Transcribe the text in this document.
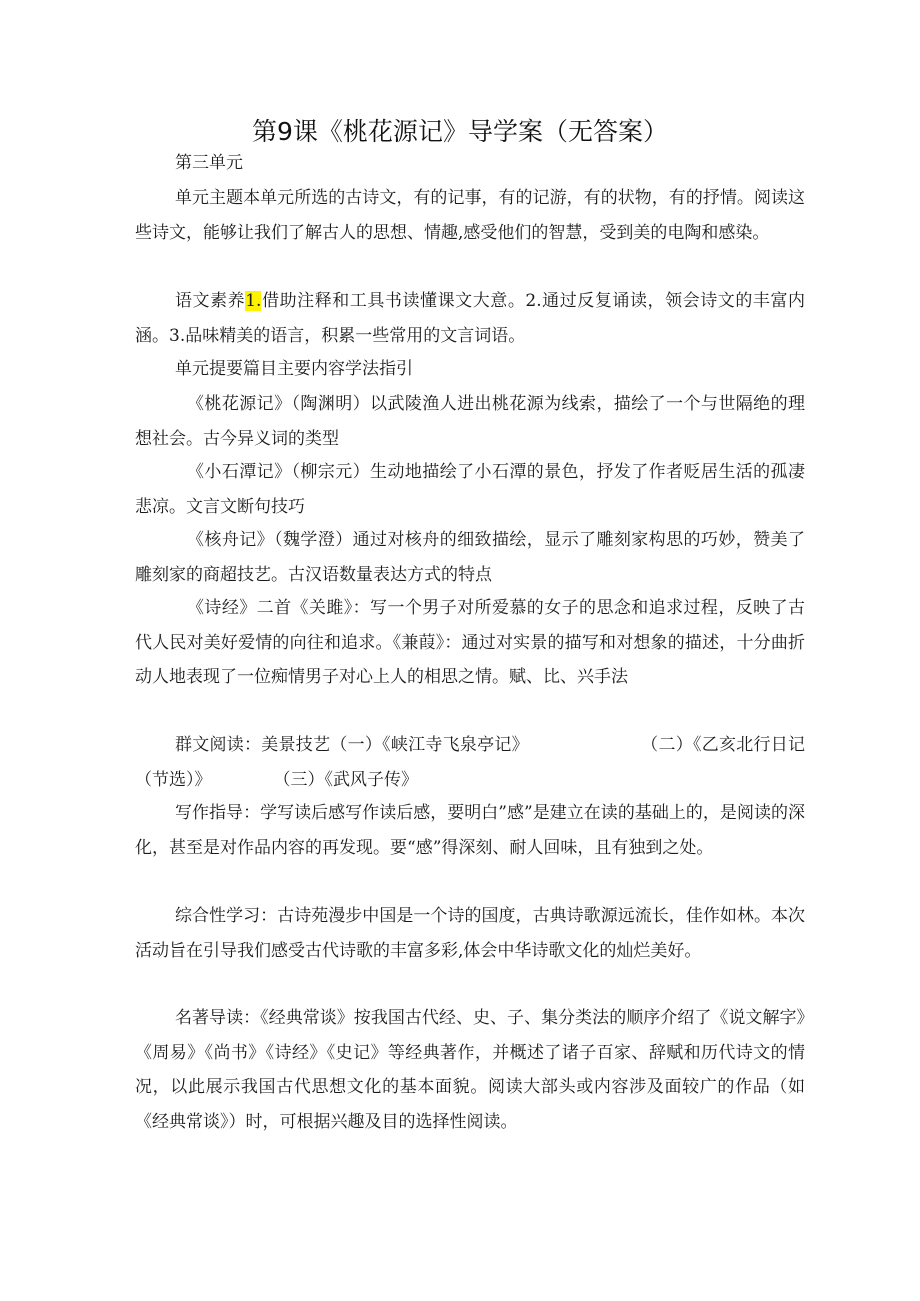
第9课《桃花源记》导学案（无答案）

第三单元

单元主题本单元所选的古诗文，有的记事，有的记游，有的状物，有的抒情。阅读这些诗文，能够让我们了解古人的思想、情趣,感受他们的智慧，受到美的电陶和感染。

语文素养1.借助注释和工具书读懂课文大意。2.通过反复诵读，领会诗文的丰富内涵。3.品味精美的语言，积累一些常用的文言词语。

单元提要篇目主要内容学法指引

《桃花源记》（陶渊明）以武陵渔人进出桃花源为线索，描绘了一个与世隔绝的理想社会。古今异义词的类型

《小石潭记》（柳宗元）生动地描绘了小石潭的景色，抒发了作者贬居生活的孤凄悲凉。文言文断句技巧

《核舟记》（魏学澄）通过对核舟的细致描绘，显示了雕刻家构思的巧妙，赞美了雕刻家的商超技艺。古汉语数量表达方式的特点

《诗经》二首《关雎》：写一个男子对所爱慕的女子的思念和追求过程，反映了古代人民对美好爱情的向往和追求。《兼葭》：通过对实景的描写和对想象的描述，十分曲折动人地表现了一位痴情男子对心上人的相思之情。赋、比、兴手法

群文阅读：美景技艺（一）《峡江寺飞泉亭记》	（二）《乙亥北行日记（节选）》	（三）《武风子传》

写作指导：学写读后感写作读后感，要明白”感”是建立在读的基础上的，是阅读的深化，甚至是对作品内容的再发现。要“感”得深刻、耐人回味，且有独到之处。

综合性学习：古诗苑漫步中国是一个诗的国度，古典诗歌源远流长，佳作如林。本次活动旨在引导我们感受古代诗歌的丰富多彩,体会中华诗歌文化的灿烂美好。

名著导读：《经典常谈》按我国古代经、史、子、集分类法的顺序介绍了《说文解字》《周易》《尚书》《诗经》《史记》等经典著作，并概述了诸子百家、辞赋和历代诗文的情况，以此展示我国古代思想文化的基本面貌。阅读大部头或内容涉及面较广的作品（如《经典常谈》）时，可根据兴趣及目的选择性阅读。
